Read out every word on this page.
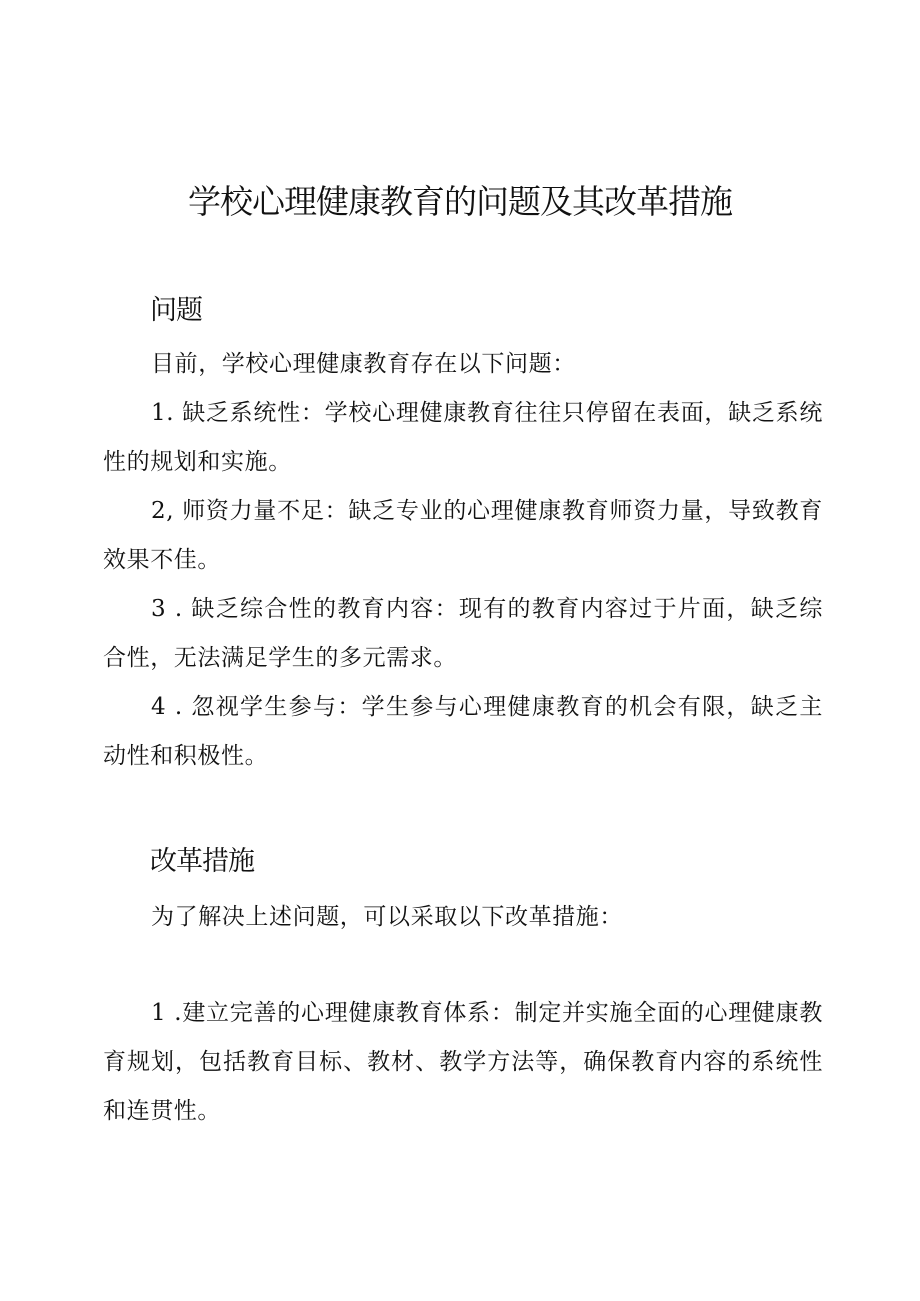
学校心理健康教育的问题及其改革措施
问题

目前，学校心理健康教育存在以下问题：

1. 缺乏系统性：学校心理健康教育往往只停留在表面，缺乏系统性的规划和实施。

2, 师资力量不足：缺乏专业的心理健康教育师资力量，导致教育效果不佳。

3 . 缺乏综合性的教育内容：现有的教育内容过于片面，缺乏综合性，无法满足学生的多元需求。

4 . 忽视学生参与：学生参与心理健康教育的机会有限，缺乏主动性和积极性。

改革措施

为了解决上述问题，可以采取以下改革措施：

1 .建立完善的心理健康教育体系：制定并实施全面的心理健康教育规划，包括教育目标、教材、教学方法等，确保教育内容的系统性和连贯性。
